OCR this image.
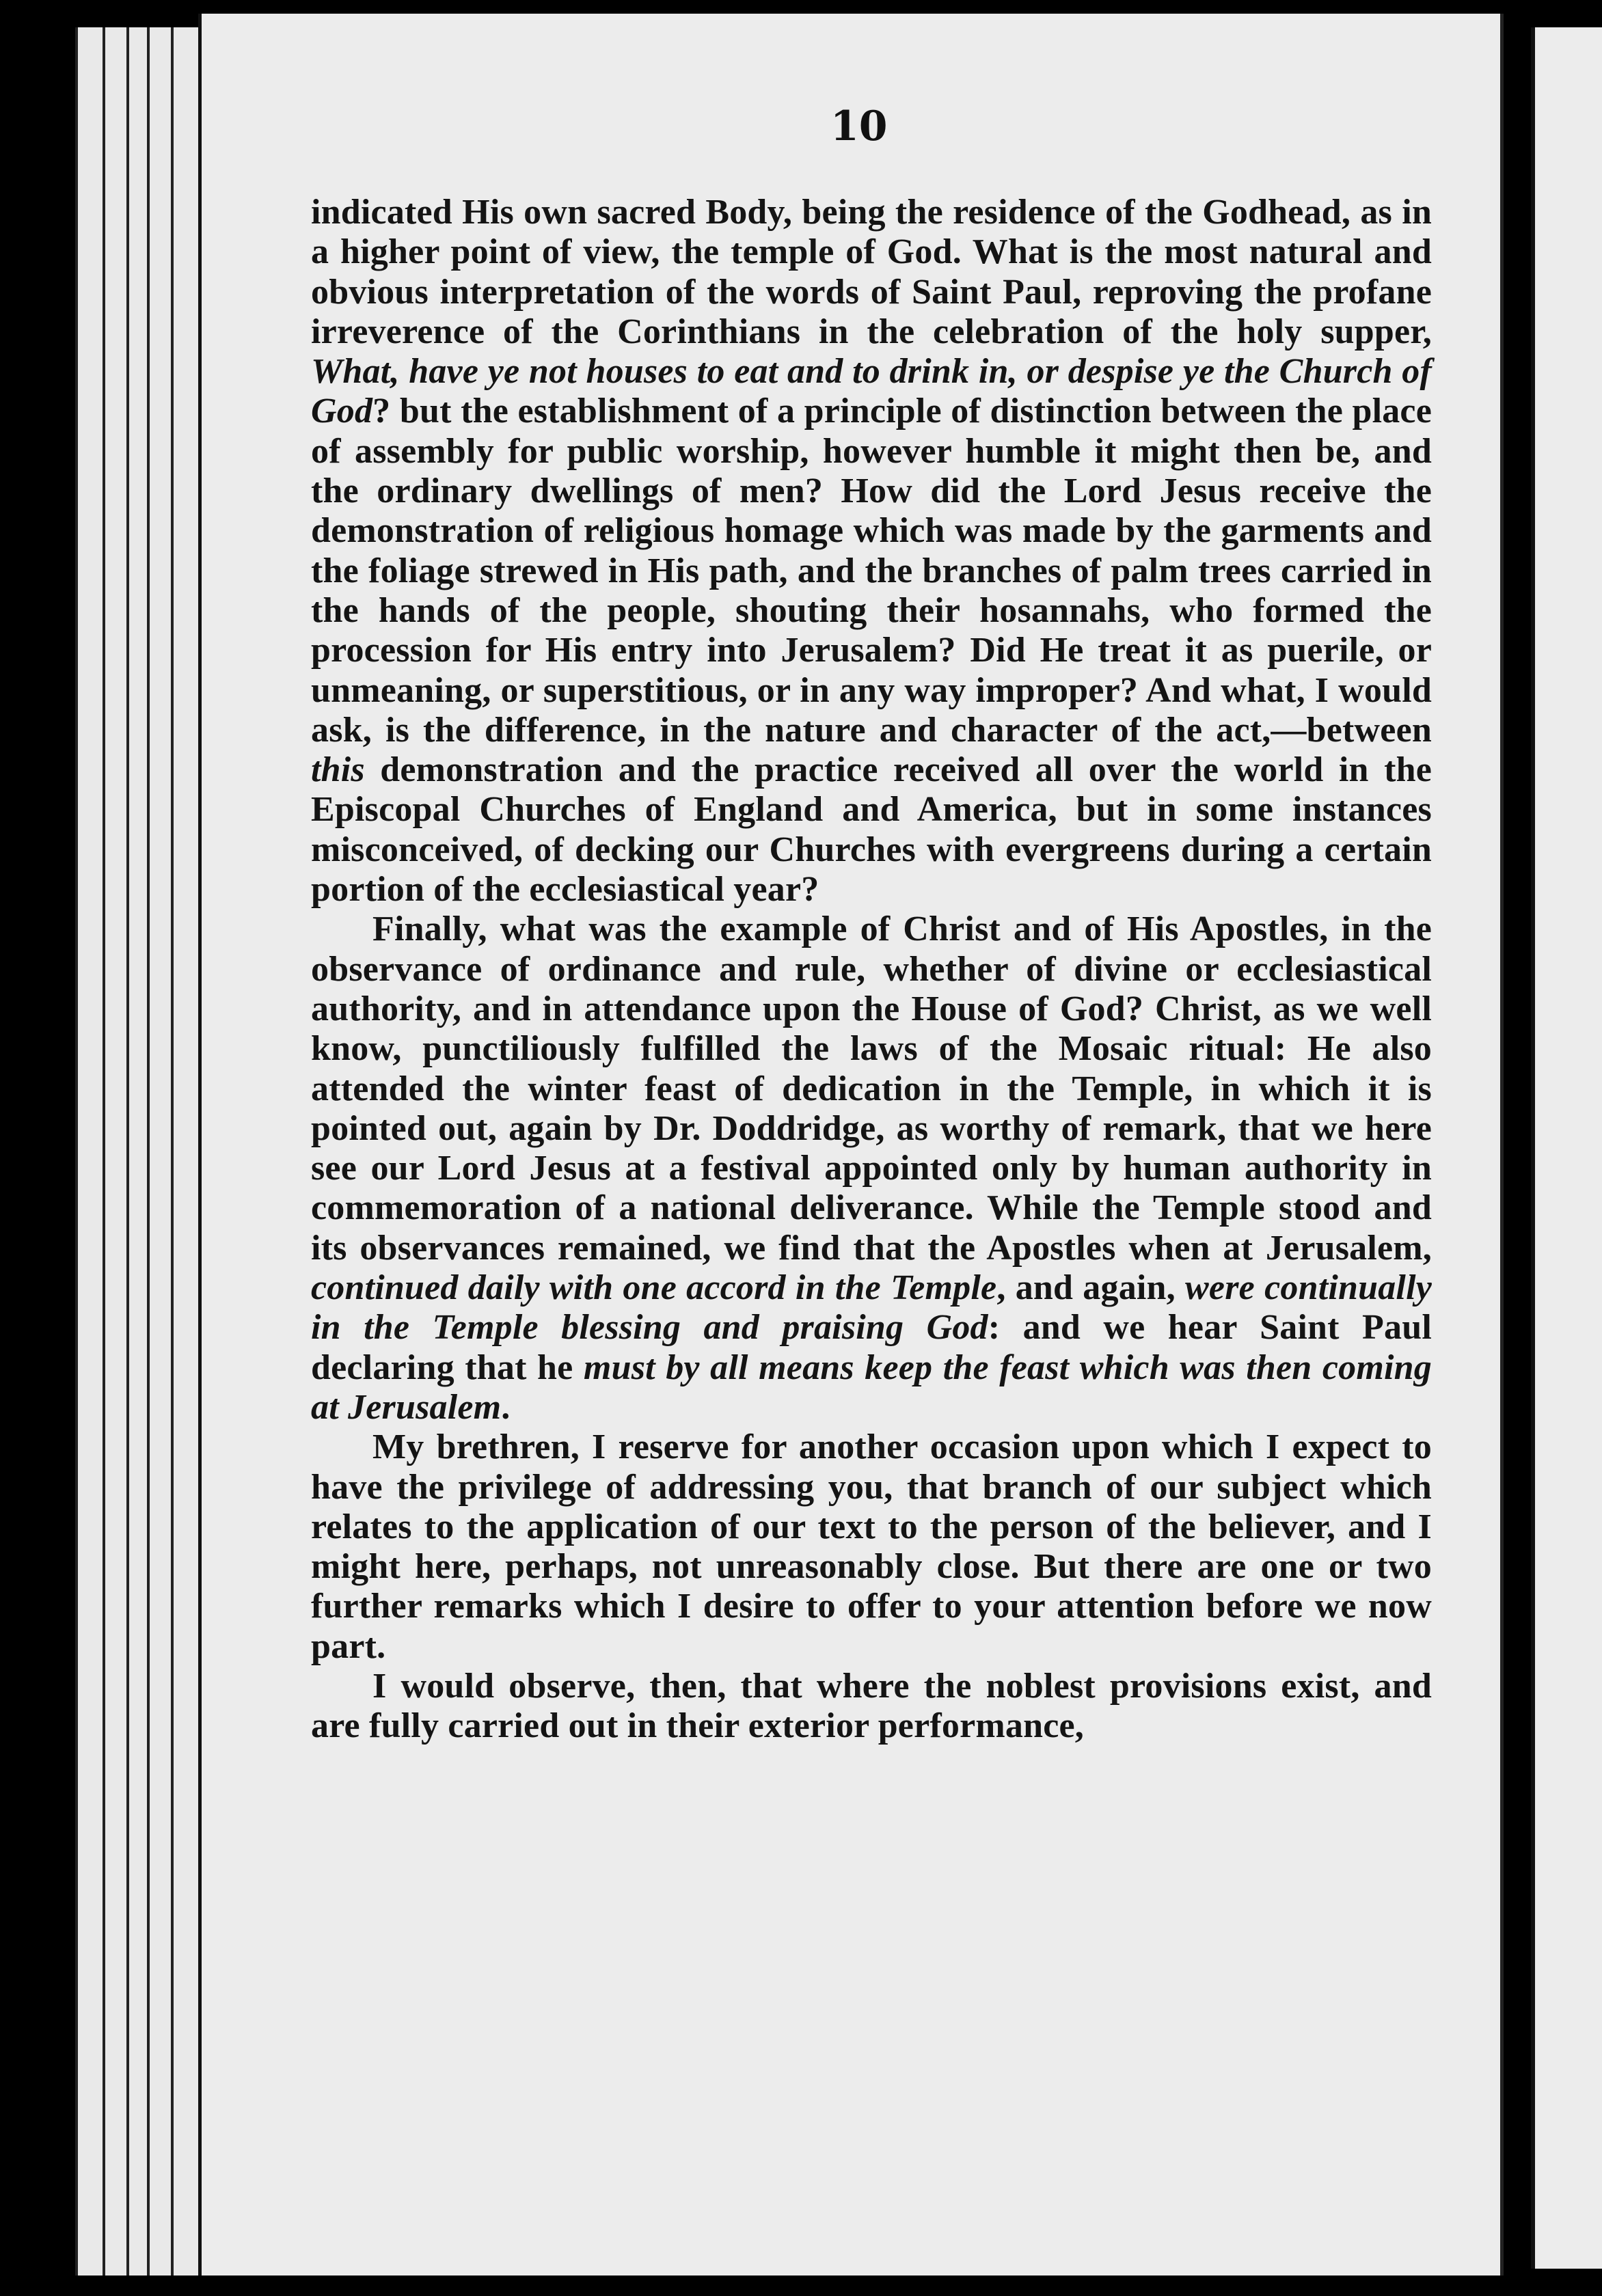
10

indicated His own sacred Body, being the residence of the Godhead, as in a higher point of view, the temple of God. What is the most natural and obvious interpretation of the words of Saint Paul, reproving the profane irreverence of the Corinthians in the celebration of the holy supper, What, have ye not houses to eat and to drink in, or despise ye the Church of God? but the establishment of a principle of distinction between the place of assembly for public worship, however humble it might then be, and the ordinary dwellings of men? How did the Lord Jesus receive the demonstration of religious homage which was made by the garments and the foliage strewed in His path, and the branches of palm trees carried in the hands of the people, shouting their hosannahs, who formed the procession for His entry into Jerusalem? Did He treat it as puerile, or unmeaning, or superstitious, or in any way improper? And what, I would ask, is the difference, in the nature and character of the act,—between this demonstration and the practice received all over the world in the Episcopal Churches of England and America, but in some instances misconceived, of decking our Churches with evergreens during a certain portion of the ecclesiastical year?

Finally, what was the example of Christ and of His Apostles, in the observance of ordinance and rule, whether of divine or ecclesiastical authority, and in attendance upon the House of God? Christ, as we well know, punctiliously fulfilled the laws of the Mosaic ritual: He also attended the winter feast of dedication in the Temple, in which it is pointed out, again by Dr. Doddridge, as worthy of remark, that we here see our Lord Jesus at a festival appointed only by human authority in commemoration of a national deliverance. While the Temple stood and its observances remained, we find that the Apostles when at Jerusalem, continued daily with one accord in the Temple, and again, were continually in the Temple blessing and praising God: and we hear Saint Paul declaring that he must by all means keep the feast which was then coming at Jerusalem.

My brethren, I reserve for another occasion upon which I expect to have the privilege of addressing you, that branch of our subject which relates to the application of our text to the person of the believer, and I might here, perhaps, not unreasonably close. But there are one or two further remarks which I desire to offer to your attention before we now part.

I would observe, then, that where the noblest provisions exist, and are fully carried out in their exterior performance,
